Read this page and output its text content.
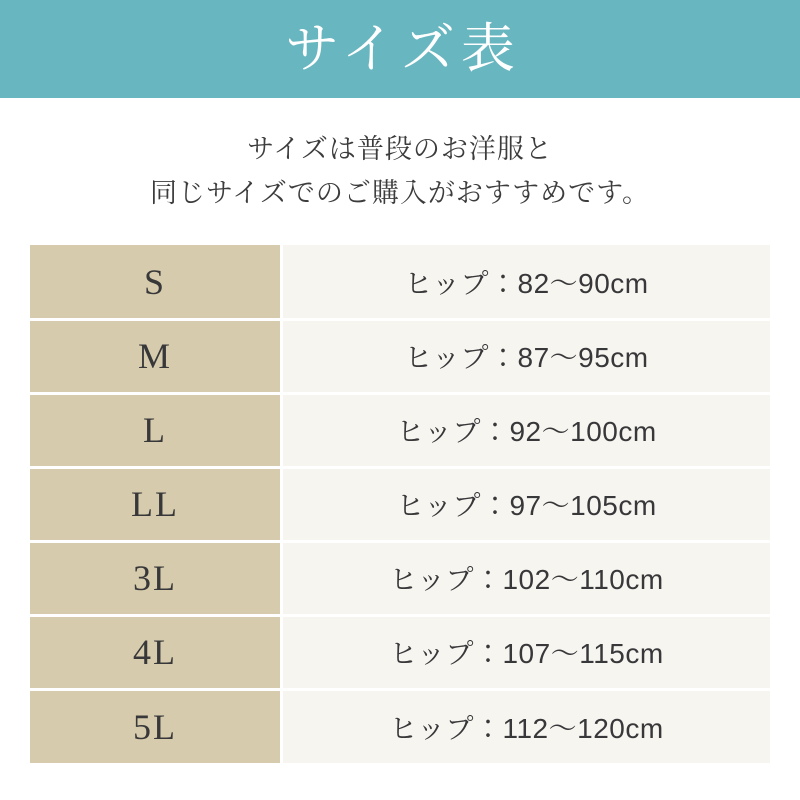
サイズ表
サイズは普段のお洋服と
同じサイズでのご購入がおすすめです。
S	ヒップ：82〜90cm
M	ヒップ：87〜95cm
L	ヒップ：92〜100cm
LL	ヒップ：97〜105cm
3L	ヒップ：102〜110cm
4L	ヒップ：107〜115cm
5L	ヒップ：112〜120cm
